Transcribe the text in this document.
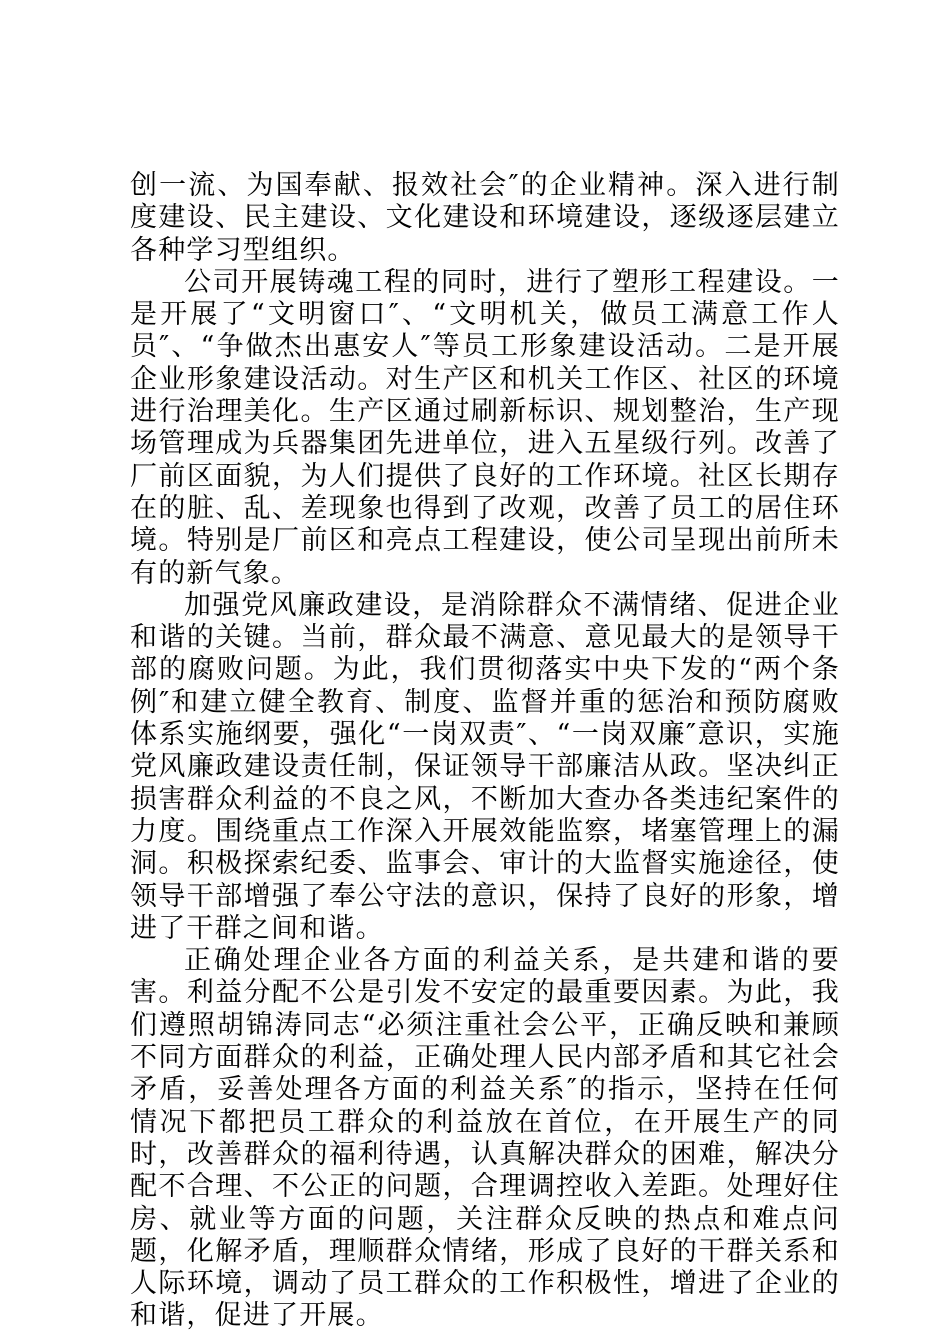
创一流、为国奉献、报效社会″的企业精神。深入进行制度建设、民主建设、文化建设和环境建设，逐级逐层建立各种学习型组织。

公司开展铸魂工程的同时，进行了塑形工程建设。一是开展了“文明窗口″、“文明机关，做员工满意工作人员″、“争做杰出惠安人″等员工形象建设活动。二是开展企业形象建设活动。对生产区和机关工作区、社区的环境进行治理美化。生产区通过刷新标识、规划整治，生产现场管理成为兵器集团先进单位，进入五星级行列。改善了厂前区面貌，为人们提供了良好的工作环境。社区长期存在的脏、乱、差现象也得到了改观，改善了员工的居住环境。特别是厂前区和亮点工程建设，使公司呈现出前所未有的新气象。

加强党风廉政建设，是消除群众不满情绪、促进企业和谐的关键。当前，群众最不满意、意见最大的是领导干部的腐败问题。为此，我们贯彻落实中央下发的“两个条例″和建立健全教育、制度、监督并重的惩治和预防腐败体系实施纲要，强化“一岗双责″、“一岗双廉″意识，实施党风廉政建设责任制，保证领导干部廉洁从政。坚决纠正损害群众利益的不良之风，不断加大查办各类违纪案件的力度。围绕重点工作深入开展效能监察，堵塞管理上的漏洞。积极探索纪委、监事会、审计的大监督实施途径，使领导干部增强了奉公守法的意识，保持了良好的形象，增进了干群之间和谐。

正确处理企业各方面的利益关系，是共建和谐的要害。利益分配不公是引发不安定的最重要因素。为此，我们遵照胡锦涛同志“必须注重社会公平，正确反映和兼顾不同方面群众的利益，正确处理人民内部矛盾和其它社会矛盾，妥善处理各方面的利益关系″的指示，坚持在任何情况下都把员工群众的利益放在首位，在开展生产的同时，改善群众的福利待遇，认真解决群众的困难，解决分配不合理、不公正的问题，合理调控收入差距。处理好住房、就业等方面的问题，关注群众反映的热点和难点问题，化解矛盾，理顺群众情绪，形成了良好的干群关系和人际环境，调动了员工群众的工作积极性，增进了企业的和谐，促进了开展。
